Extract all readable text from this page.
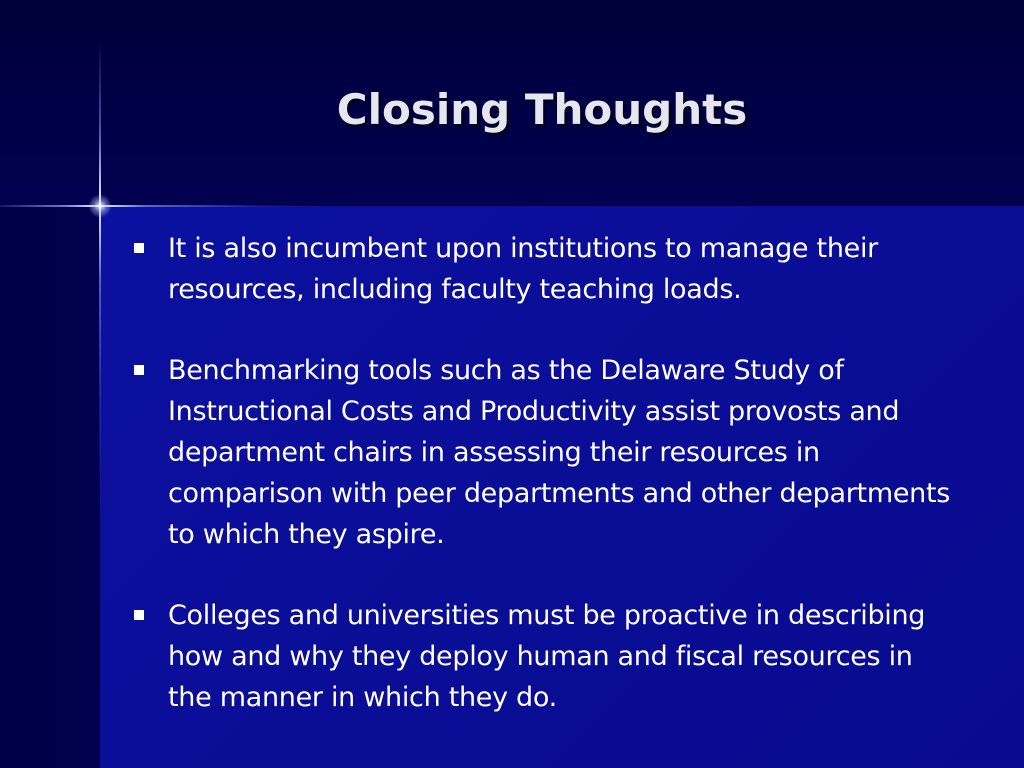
Closing Thoughts
It is also incumbent upon institutions to manage their resources, including faculty teaching loads.
Benchmarking tools such as the Delaware Study of Instructional Costs and Productivity assist provosts and department chairs in assessing their resources in comparison with peer departments and other departments to which they aspire.
Colleges and universities must be proactive in describing how and why they deploy human and fiscal resources in the manner in which they do.
